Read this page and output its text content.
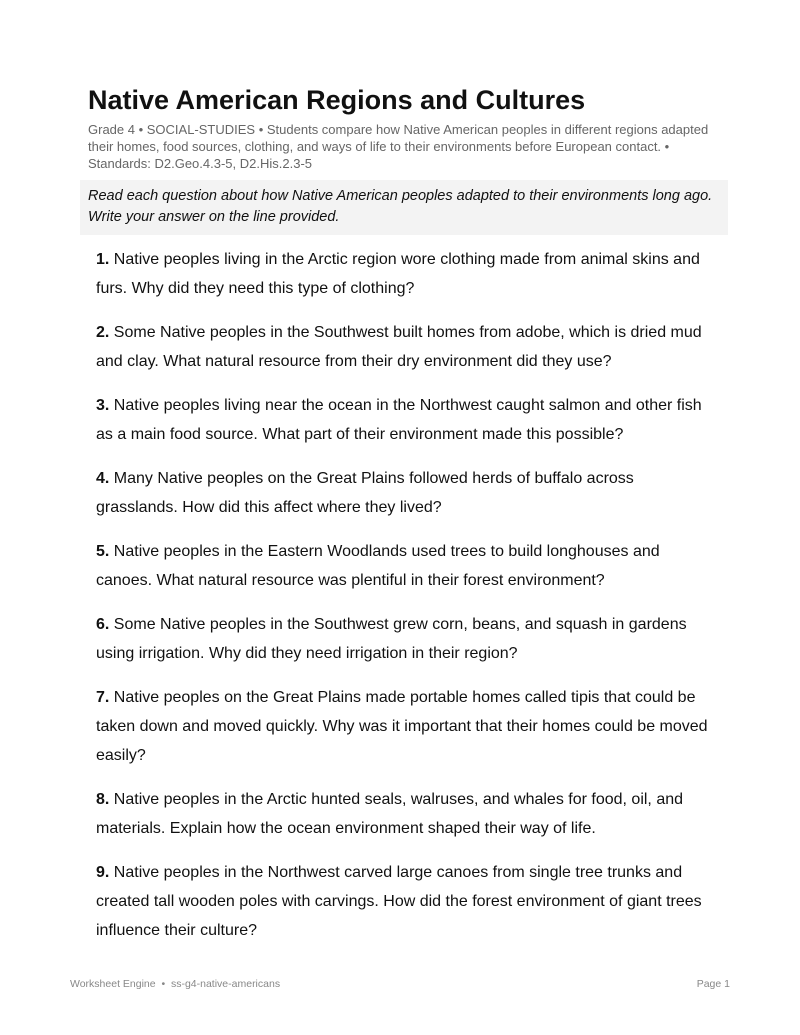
Native American Regions and Cultures
Grade 4 • SOCIAL-STUDIES • Students compare how Native American peoples in different regions adapted their homes, food sources, clothing, and ways of life to their environments before European contact. • Standards: D2.Geo.4.3-5, D2.His.2.3-5
Read each question about how Native American peoples adapted to their environments long ago. Write your answer on the line provided.
1. Native peoples living in the Arctic region wore clothing made from animal skins and furs. Why did they need this type of clothing?
2. Some Native peoples in the Southwest built homes from adobe, which is dried mud and clay. What natural resource from their dry environment did they use?
3. Native peoples living near the ocean in the Northwest caught salmon and other fish as a main food source. What part of their environment made this possible?
4. Many Native peoples on the Great Plains followed herds of buffalo across grasslands. How did this affect where they lived?
5. Native peoples in the Eastern Woodlands used trees to build longhouses and canoes. What natural resource was plentiful in their forest environment?
6. Some Native peoples in the Southwest grew corn, beans, and squash in gardens using irrigation. Why did they need irrigation in their region?
7. Native peoples on the Great Plains made portable homes called tipis that could be taken down and moved quickly. Why was it important that their homes could be moved easily?
8. Native peoples in the Arctic hunted seals, walruses, and whales for food, oil, and materials. Explain how the ocean environment shaped their way of life.
9. Native peoples in the Northwest carved large canoes from single tree trunks and created tall wooden poles with carvings. How did the forest environment of giant trees influence their culture?
Worksheet Engine  •  ss-g4-native-americans	Page 1
